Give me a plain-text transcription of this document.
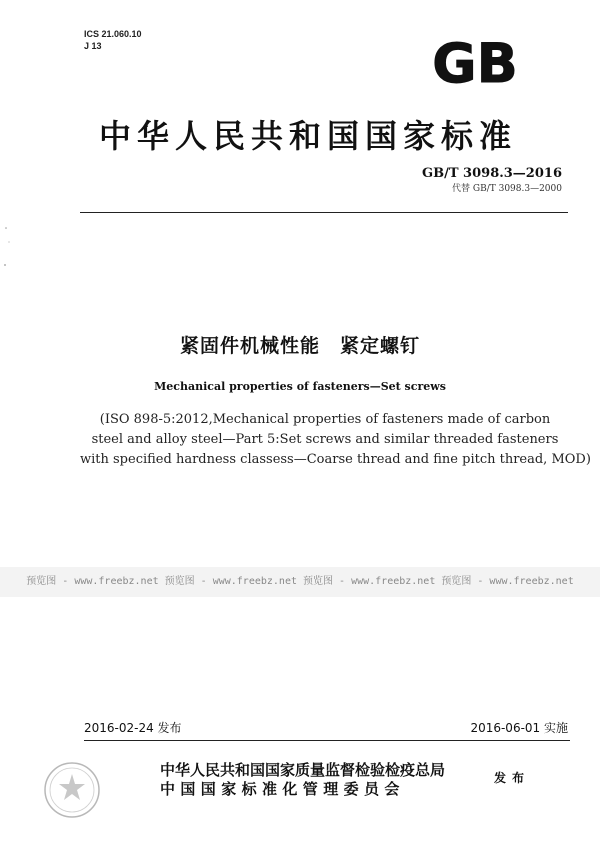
ICS 21.060.10
J 13	GB
中华人民共和国国家标准
GB/T 3098.3—2016
代替 GB/T 3098.3—2000
紧固件机械性能　紧定螺钉
Mechanical properties of fasteners—Set screws
(ISO 898-5:2012,Mechanical properties of fasteners made of carbon
steel and alloy steel—Part 5:Set screws and similar threaded fasteners
with specified hardness classess—Coarse thread and fine pitch thread, MOD)
预览图 - www.freebz.net 预览图 - www.freebz.net 预览图 - www.freebz.net 预览图 - www.freebz.net
2016-02-24 发布	2016-06-01 实施
中华人民共和国国家质量监督检验检疫总局
中国国家标准化管理委员会
发布
